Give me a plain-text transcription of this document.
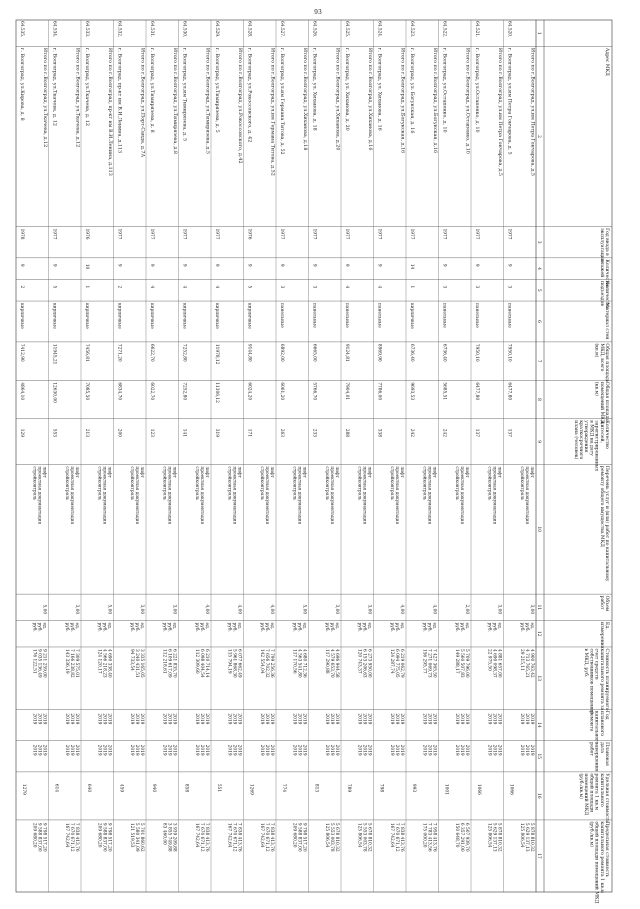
93
1
Адрес МКД
2
Год ввода в
эксплуатацию
3
Количество
этажей
4
Количество
подъездов
5
Материал стен
6
Общая площадь
МКД, всего
(кв.м)
7
Общая площадь
помещений МКД
(кв.м)
8
Количество
жителей,
зарегистрированных
в МКД на дату
утверждения
краткосрочного
плана (человек)
9
Перечень услуг и (или) работ по капитальному
ремонту общего имущества МКД
10
Объем
работ
11
Ед.
измерения
12
Стоимость планируемого
капитального ремонта за
счет средств
собственников помещений
в МКД, руб.
13
Год
планового
капитального
ремонта
14
Плановая
дата
завершения
работ
15
Удельная стоимость
капитального
ремонта 1 кв.м
общей площади
помещений МКД
(руб./кв.м)
16
Предельная стоимость
капитального ремонта 1 кв.м
общей площади помещений МКД
(руб./кв.м)
17
64.520.
Итого по г.Волгоград, ул.им Петра Гончарова, д.5
г. Волгоград, ул.им Петра Гончарова, д. 5
1977
9
3
панельные
7950,10
6477,80
137
лифт
проектная документация
стройконтроль
3,00
ед.
руб.
руб.
4 900 763,42
4 713 765,21
29 215,11
2019
2019
2019
2019
2019
2019
1066
5 878 810,32
5 629 137,13
125 806,54
64.521.
Итого по г.Волгоград, ул.им Петра Гончарова, д.5
г. Волгоград, ул.Остапенко, д. 10
1977
9
3
панельные
7950,10
6477,80
137
лифт
проектная документация
стройконтроль
3,00
ед.
руб.
руб.
4 881 657,00
4 690 098,37
22 975,50
2019
2019
2019
2019
2019
2019
1066
5 878 810,32
5 629 137,13
125 806,54
64.522.
Итого по г.Волгоград, ул.Остапенко, д.10
г. Волгоград, ул.Остапенко, д. 10
1977
9
3
панельные
6736,40
5685,51
242
лифт
проектная документация
стройконтроль
2,00
ед.
руб.
руб.
5 709 796,00
5 560 507,83
149 288,17
2019
2019
2019
2019
2019
2019
1001
6 507 939,70
6 357 291,00
150 648,70
64.523.
Итого по г.Волгоград, ул.Богунская, д.16
г. Волгоград, ул. Богунская, д. 16
1977
14
1
кирпичные
6736,40
9693,53
242
лифт
проектная документация
стройконтроль
4,00
ед.
руб.
руб.
7 427 365,50
7 271 069,73
156 295,77
2019
2019
2019
2019
2019
2019
993
7 958 413,76
7 783 413,56
175 000,20
64.524.
Итого по г.Волгоград, ул.Богунская, д.16
г. Волгоград, ул. Хиханова, д. 16
1977
9
4
панельные
8969,90
7786,00
338
лифт
проектная документация
стройконтроль
4,00
ед.
руб.
руб.
6 219 062,79
6 094 775,05
124 287,74
2019
2019
2019
2019
2019
2019
798
7 838 413,76
7 670 671,12
167 742,64
64.525.
Итого по г.Волгоград, ул.Хиханова, д.16
г. Волгоград, ул. Хиханова, д. 20
1977
9
4
панельные
9124,81
7904,01
288
лифт
проектная документация
стройконтроль
3,00
ед.
руб.
руб.
6 273 950,00
6 153 206,63
120 743,37
2019
2019
2019
2019
2019
2019
789
5 678 810,32
5 553 003,78
125 806,54
64.526.
Итого по г.Волгоград, ул.Хиханова, д.20
г. Волгоград, ул. Хиханова, д. 18
1977
9
3
панельные
6665,00
5766,70
233
лифт
проектная документация
стройконтроль
3,00
ед.
руб.
руб.
4 696 944,58
4 579 653,70
117 290,88
2019
2019
2019
2019
2019
2019
813
5 678 810,32
5 553 003,78
125 806,54
64.527.
Итого по г.Волгоград, ул.Хиханова, д.18
г. Волгоград, ул.им Германа Титова, д. 52
1977
9
3
панельные
6892,00
6061,20
263
лифт
проектная документация
стройконтроль
5,00
ед.
руб.
руб.
4 680 712,36
4 563 541,80
117 170,56
2019
2019
2019
2019
2019
2019
774
9 798 517,20
9 588 837,00
209 680,20
64.528.
Итого по г.Волгоград, ул.им Германа Титова, д.52
г. Волгоград, ул.Рокоссовского, д. 42
1976
9
5
кирпичные
9144,80
6024,20
171
лифт
проектная документация
стройконтроль
4,00
ед.
руб.
руб.
7 799 256,36
7 656 702,32
142 554,04
2019
2019
2019
2019
2019
2019
1269
7 838 413,76
7 670 671,12
167 742,64
64.529.
Итого по г.Волгоград, ул.Рокоссовского, д.42
г. Волгоград, ул.Тимирязева, д. 5
1977
9
4
кирпичные
11978,12
11306,12
319
лифт
проектная документация
стройконтроль
4,00
ед.
руб.
руб.
6 077 662,49
5 961 868,30
115 794,19
2019
2019
2019
2019
2019
2019
551
7 838 413,76
7 670 671,12
167 742,64
64.530.
Итого по г.Волгоград, ул.Тимирязева, д.5
г. Волгоград, ул.им Тимирязева, д. 5
1977
9
4
кирпичные
7252,80
7252,80
141
лифт
проектная документация
стройконтроль
4,00
ед.
руб.
руб.
6 210 714,14
6 098 404,54
112 309,60
2019
2019
2019
2019
2019
2019
858
7 838 413,76
7 670 671,12
167 742,64
64.531.
Итого по г.Волгоград, ул.Тимирязева, д.8
г. Волгоград, ул.Тимирязева, д. 8
1977
9
4
кирпичные
6622,70
6022,70
123
лифт
проектная документация
стройконтроль
3,00
ед.
руб.
руб.
6 221 835,70
6 109 617,09
112 218,61
2019
2019
2019
2019
2019
2019
940
3 939 209,88
3 855 749,88
83 460,00
64.532.
Итого по г.Волгоград, ул.Порт-Саида, д.7А
г. Волгоград, пр-кт им В.И.Ленина, д.113
1977
9
2
кирпичные
7271,20
6834,70
200
лифт
проектная документация
стройконтроль
3,00
ед.
руб.
руб.
3 335 165,05
3 240 431,51
94 733,54
2019
2019
2019
2019
2019
2019
459
5 701 860,62
5 580 341,09
121 519,53
64.533.
Итого по г.Волгоград, пр-кт им В.И.Ленина, д.113
г. Волгоград, ул.Ткачева, д. 12
1976
10
1
кирпичные
7456,81
7085,50
213
лифт
проектная документация
стройконтроль
5,00
ед.
руб.
руб.
4 690 338,40
4 566 218,23
124 120,17
2019
2019
2019
2019
2019
2019
640
9 798 517,20
9 588 837,00
209 680,20
64.534.
Итого по г.Волгоград, ул.Ткачева, д.12
г. Волгоград, ул.Ткачева, д. 12
1977
9
5
кирпичные
11945,21
12630,00
553
лифт
проектная документация
стройконтроль
3,00
ед.
руб.
руб.
7 309 575,01
7 166 238,82
143 336,19
2019
2019
2019
2019
2019
2019
614
7 838 413,76
7 670 671,12
167 742,64
64.535.
Итого по г.Волгоград, ул.Ткачева, д.12
г. Волгоград, ул.Кирова, д. 8
1978
9
2
кирпичные
7412,90
4864,10
129
лифт
проектная документация
стройконтроль
5,00
ед.
руб.
руб.
9 211 259,00
9 035 136,49
176 122,51
2019
2019
2019
2019
2019
2019
1279
9 798 517,20
9 588 837,00
209 680,20
